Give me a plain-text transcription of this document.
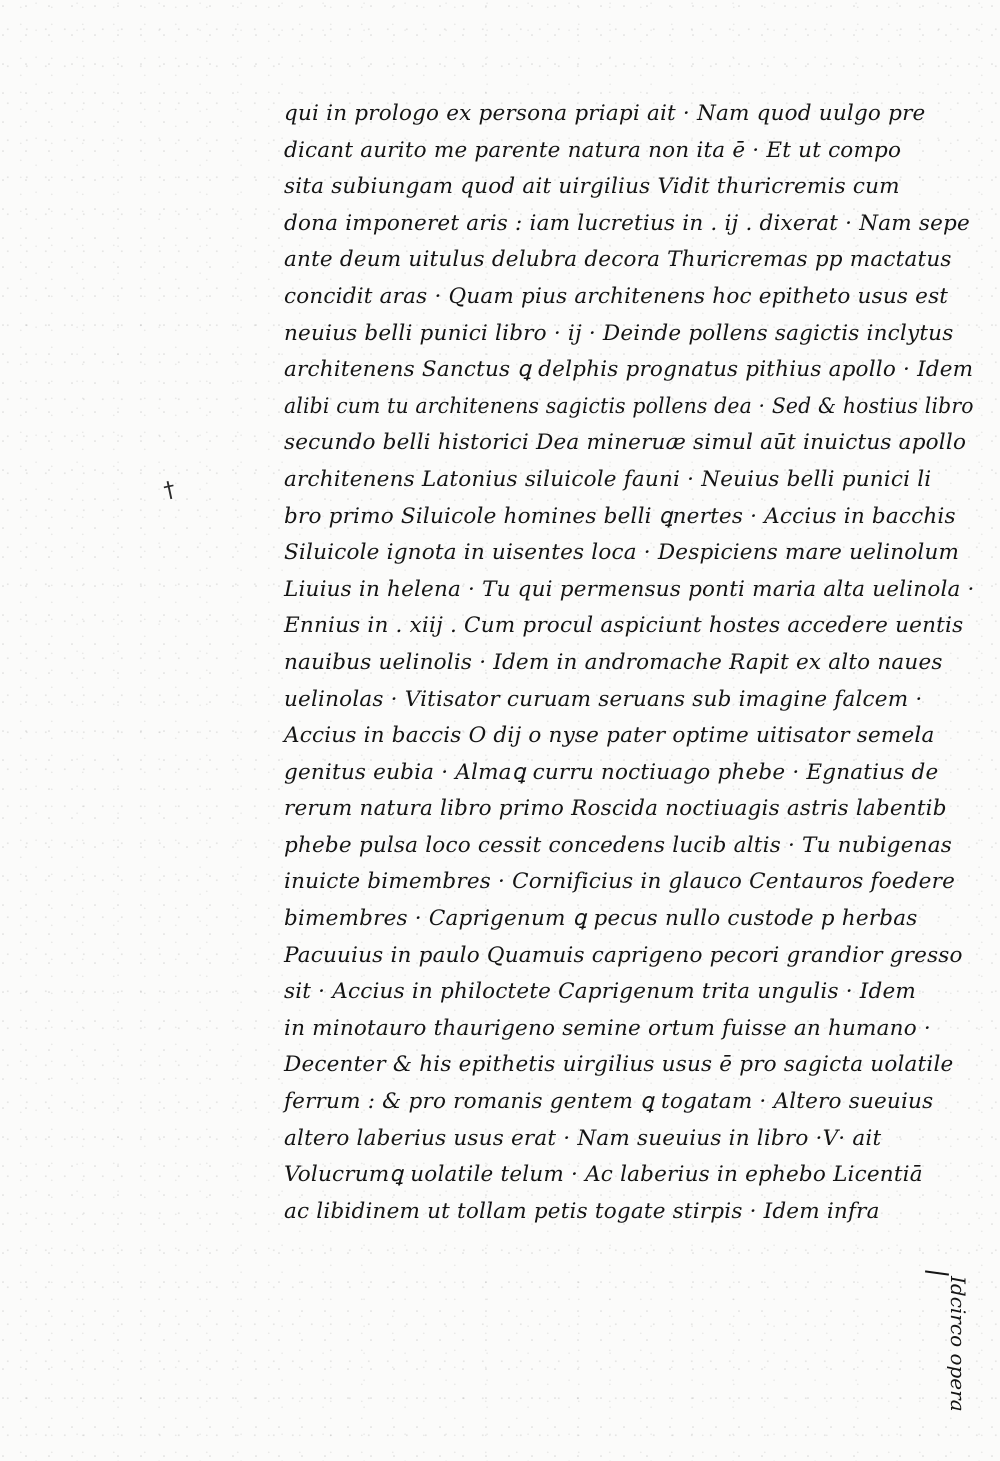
qui in prologo ex persona priapi ait · Nam quod uulgo pre
dicant aurito me parente natura non ita ē · Et ut compo
sita subiungam quod ait uirgilius Vidit thuricremis cum
dona imponeret aris : iam lucretius in . ij . dixerat · Nam sepe
ante deum uitulus delubra decora Thuricremas pp mactatus
concidit aras · Quam pius architenens hoc epitheto usus est
neuius belli punici libro · ij · Deinde pollens sagictis inclytus
architenens Sanctus ꝗ delphis prognatus pithius apollo · Idem
alibi cum tu architenens sagictis pollens dea · Sed & hostius libro
secundo belli historici Dea mineruæ simul aūt inuictus apollo
architenens Latonius siluicole fauni · Neuius belli punici li
bro primo Siluicole homines belli ꝗnertes · Accius in bacchis
Siluicole ignota in uisentes loca · Despiciens mare uelinolum
Liuius in helena · Tu qui permensus ponti maria alta uelinola ·
Ennius in . xiij . Cum procul aspiciunt hostes accedere uentis
nauibus uelinolis · Idem in andromache Rapit ex alto naues
uelinolas · Vitisator curuam seruans sub imagine falcem ·
Accius in baccis O dij o nyse pater optime uitisator semela
genitus eubia · Almaꝗ curru noctiuago phebe · Egnatius de
rerum natura libro primo Roscida noctiuagis astris labentib
phebe pulsa loco cessit concedens lucib altis · Tu nubigenas
inuicte bimembres · Cornificius in glauco Centauros foedere
bimembres · Caprigenum ꝗ pecus nullo custode p herbas
Pacuuius in paulo Quamuis caprigeno pecori grandior gresso
sit · Accius in philoctete Caprigenum trita ungulis · Idem
in minotauro thaurigeno semine ortum fuisse an humano ·
Decenter & his epithetis uirgilius usus ē pro sagicta uolatile
ferrum : & pro romanis gentem ꝗ togatam · Altero sueuius
altero laberius usus erat · Nam sueuius in libro ·V· ait
Volucrumꝗ uolatile telum · Ac laberius in ephebo Licentiā
ac libidinem ut tollam petis togate stirpis · Idem infra
†
Idcirco opera
